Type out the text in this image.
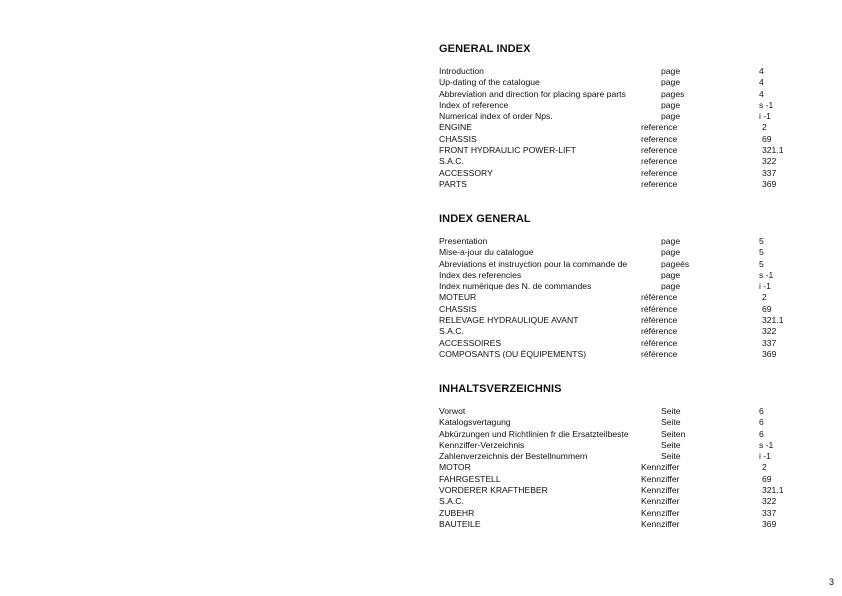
GENERAL INDEX
Introduction	page	4
Up-dating of the catalogue	page	4
Abbreviation and direction for placing spare parts	pages	4
Index of reference	page	s -1
Numerical index of order Nps.	page	i -1
ENGINE	reference	2
CHASSIS	reference	69
FRONT HYDRAULIC POWER-LIFT	reference	321.1
S.A.C.	reference	322
ACCESSORY	reference	337
PARTS	reference	369
INDEX GENERAL
Presentation	page	5
Mise-a-jour du catalogue	page	5
Abreviations et instruyction pour la commande de	pageés	5
Index des referencies	page	s -1
Index numérique des N. de commandes	page	i -1
MOTEUR	référence	2
CHASSIS	référence	69
RELEVAGE HYDRAULIQUE AVANT	référence	321.1
S.A.C.	référence	322
ACCESSOIRES	référence	337
COMPOSANTS (OU ÉQUIPEMENTS)	référence	369
INHALTSVERZEICHNIS
Vorwot	Seite	6
Katalogsvertagung	Seite	6
Abkürzungen und Richtlinien fr die Ersatzteilbeste	Seiten	6
Kennziffer-Verzeichnis	Seite	s -1
Zahlenverzeichnis der Bestellnummern	Seite	i -1
MOTOR	Kennziffer	2
FAHRGESTELL	Kennziffer	69
VORDERER KRAFTHEBER	Kennziffer	321.1
S.A.C.	Kennziffer	322
ZUBEHR	Kennziffer	337
BAUTEILE	Kennziffer	369
3
